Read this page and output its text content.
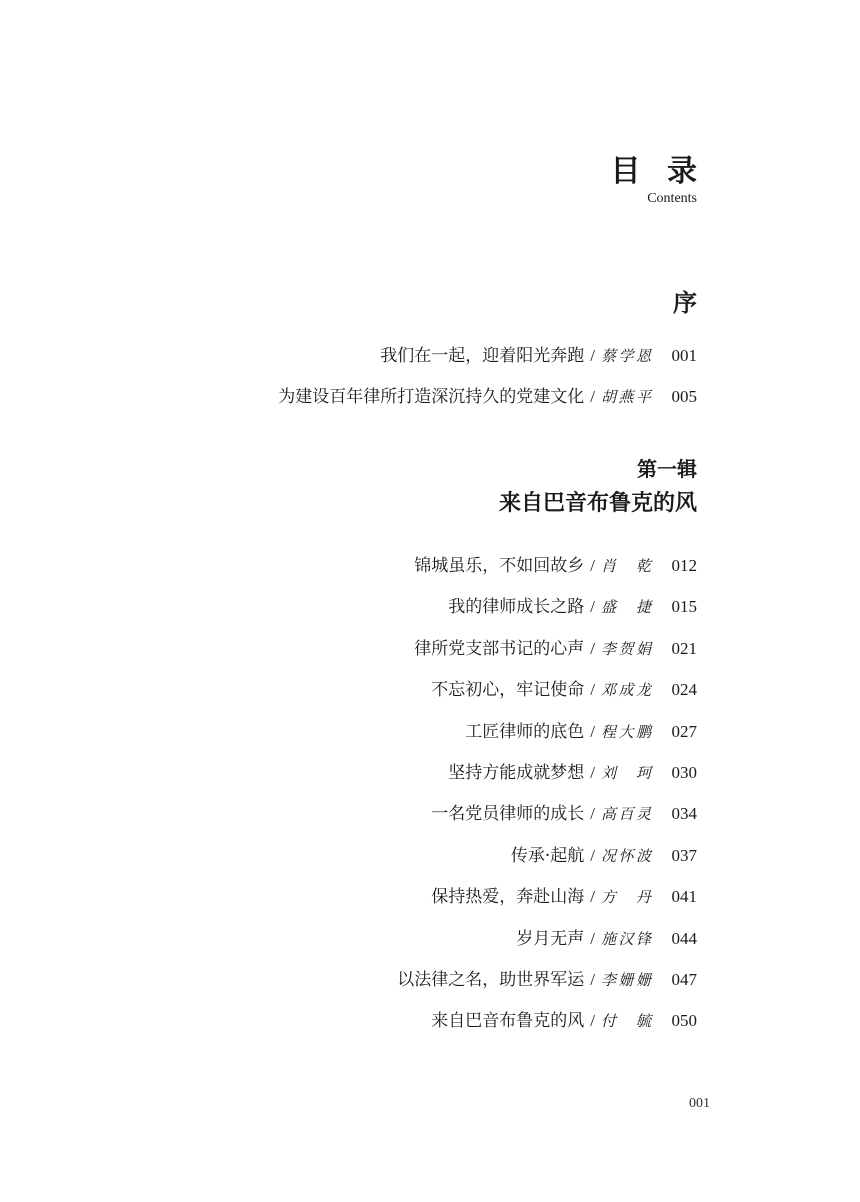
目 录
Contents
序
我们在一起，迎着阳光奔跑 / 蔡学恩	001
为建设百年律所打造深沉持久的党建文化 / 胡燕平	005
第一辑
来自巴音布鲁克的风
锦城虽乐，不如回故乡 / 肖　乾	012
我的律师成长之路 / 盛　捷	015
律所党支部书记的心声 / 李贺娟	021
不忘初心，牢记使命 / 邓成龙	024
工匠律师的底色 / 程大鹏	027
坚持方能成就梦想 / 刘　珂	030
一名党员律师的成长 / 高百灵	034
传承·起航 / 况怀波	037
保持热爱，奔赴山海 / 方　丹	041
岁月无声 / 施汉锋	044
以法律之名，助世界军运 / 李姗姗	047
来自巴音布鲁克的风 / 付　毓	050
001
